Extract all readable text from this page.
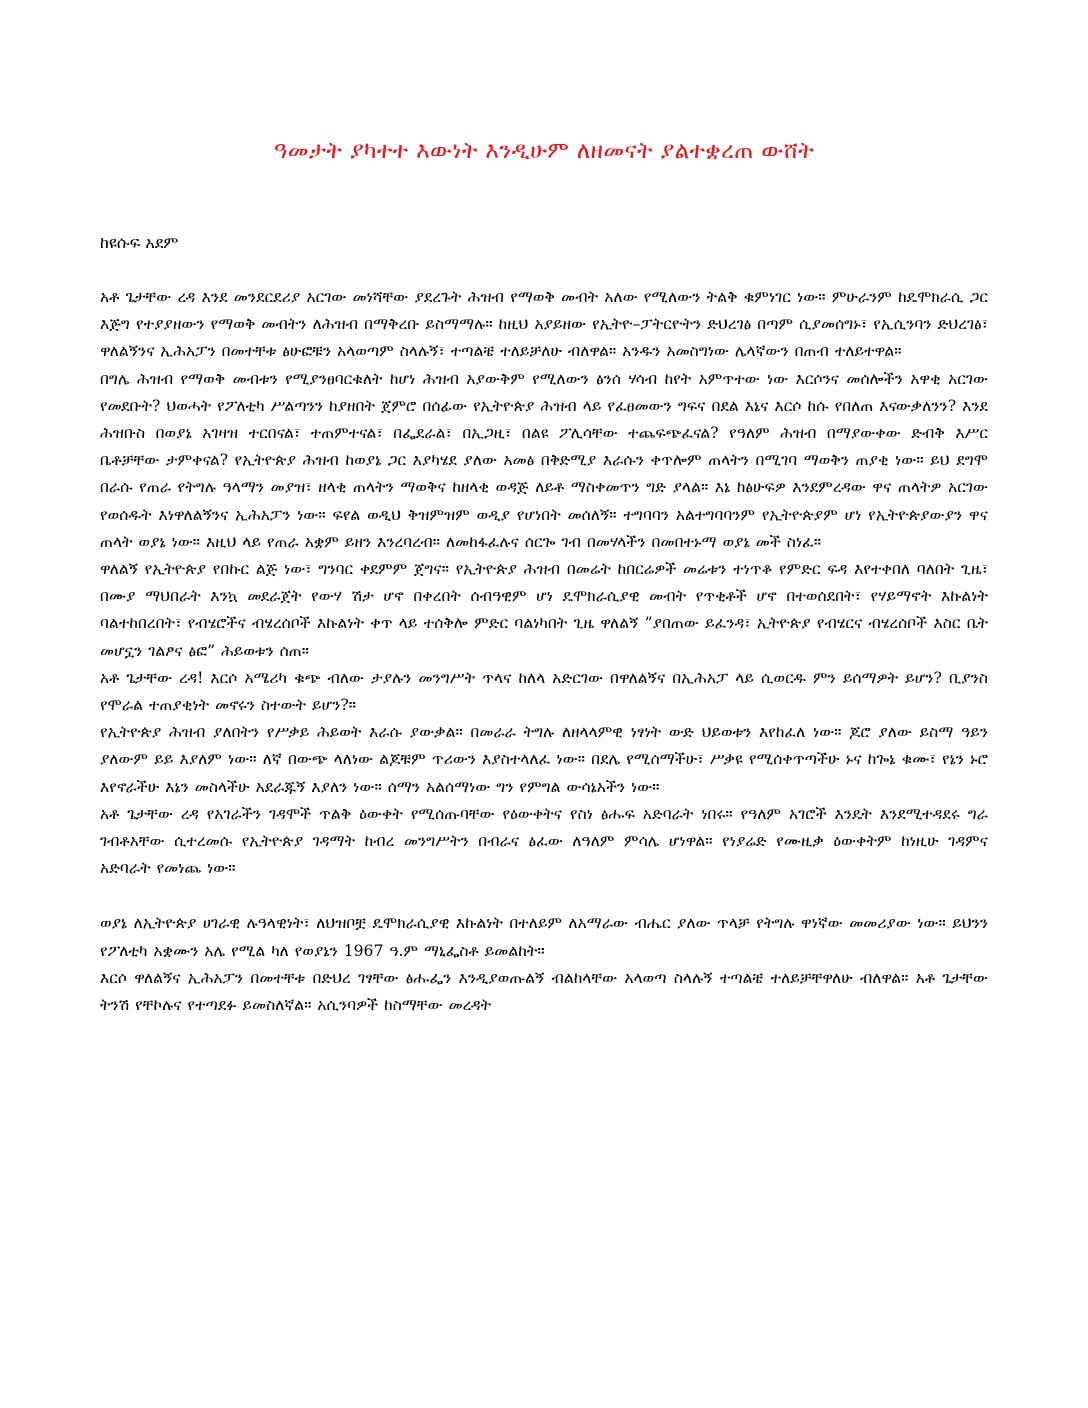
ዓመታት ያካተተ እውነት እንዲሁም ለዘመናት ያልተቋረጠ ውሸት

ከዩሱፍ አደም

አቶ ጌታቸው ረዳ እንደ መንደርደሪያ አርገው መነሻቸው ያደረጉት ሕዝብ የማወቅ መብት አለው የሚለውን ትልቅ ቁምነገር ነው። ምሁራንም ከዴሞክራሲ ጋር እጅግ የተያያዘውን የማወቅ መብትን ለሕዝብ በማቅረቡ ይስማማሉ። ከዚህ አያይዘው የኢትዮ–ፓትርዮትን ድህረገፅ በጣም ሲያመሰግኑ፣ የኢሲንባን ድህረገፅ፣ ዋለልኝንና ኢሕአፓን በመተቸቱ ፅሁፎቹን አላወጣም ስላሉኝ፣ ተጣልቼ ተለይቻለሁ ብለዋል። አንዱን አመስግነው ሌላኛውን በጠብ ተለይተዋል።

በግሌ ሕዝብ የማወቅ መብቱን የሚያንፀባርቁለት ከሆነ ሕዝብ አያውቅም የሚለውን ፅንሰ ሃሳብ ከየት አምጥተው ነው እርሶንና መሰሎችን አዋቂ አርገው የመደቡት? ህወሓት የፖለቲካ ሥልጣንን ከያዘበት ጀምሮ በሰፊው የኢትዮጵያ ሕዝብ ላይ የፈፀመውን ግፍና በደል እኔና እርሶ ከሱ የበለጠ እናውቃለንን? እንደ ሕዝቡስ በወያኔ አገዛዝ ተርበናል፣ ተጠምተናል፣ በፌደራል፣ በኢጋዚ፣ በልዩ ፖሊሳቸው ተጨፍጭፈናል? የዓለም ሕዝብ በማያውቀው ድብቅ እሥር ቤቶቻቸው ታምቀናል? የኢትዮጵያ ሕዝብ ከወያኔ ጋር እያካሄደ ያለው አመፅ በቅድሚያ እራሱን ቀጥሎም ጠላትን በሚገባ ማወቅን ጠያቂ ነው። ይህ ደግሞ በራሱ የጠራ የትግሉ ዓላማን መያዝ፣ ዘላቂ ጠላትን ማወቅና ከዘላቂ ወዳጅ ለይቶ ማስቀመጥን ግድ ያላል። እኔ ከፅሁፍዎ እንደምረዳው ዋና ጠላትዎ አርገው የወሰዱት እነዋለልኝንና ኢሕአፓን ነው። ፍየል ወዲህ ቅዝምዝም ወዲያ የሆነበት መሰለኝ። ተግባባን አልተግባባንም የኢትዮጵያም ሆነ የኢትዮጵያውያን ዋና ጠላት ወያኔ ነው። እዚህ ላይ የጠራ አቋም ይዘን እንረባረብ። ለመከፋፈሉና ሰርጐ ገብ በመሃላችን በመበተኑማ ወያኔ መች ስነፈ።

ዋለልኝ የኢትዮጵያ የበኩር ልጅ ነው፣ ግንባር ቀደምም ጀግና። የኢትዮጵያ ሕዝብ በመሬት ከበርሬዎች መሬቱን ተነጥቆ የምድር ፍዳ እየተቀበለ ባለበት ጊዜ፣ በሙያ ማህበራት እንኳ መደራጀት የውሃ ሽታ ሆኖ በቀረበት ሰብዓዊም ሆነ ዴሞክራሲያዊ መብት የጥቂቶች ሆኖ በተወሰደበት፣ የሃይማኖት እኩልነት ባልተከበረበት፣ የብሄሮችና ብሄረሰቦች እኩልነት ቀጥ ላይ ተሰቅሎ ምድር ባልነካበት ጊዜ ዋለልኝ ”ያበጠው ይፈንዳ፣ ኢትዮጵያ የብሄርና ብሄረሰቦች እስር ቤት መሆኗን ገልፆና ፅፎ” ሕይወቱን ሰጠ።

አቶ ጌታቸው ረዳ! እርሶ አሜሪካ ቁጭ ብለው ታያሉን መንግሥት ጥላና ከለላ አድርገው በዋለልኝና በኢሕአፓ ላይ ሲወርዱ ምን ይሰማዎት ይሆን? ቢያንስ የሞራል ተጠያቂነት መኖሩን ስተውት ይሆን?።

የኢትዮጵያ ሕዝብ ያለበትን የሥቃይ ሕይወት እራሱ ያውቃል። በመራራ ትግሉ ለዘላላምዊ ነፃነት ውድ ህይወቱን እየከፈለ ነው። ጆሮ ያለው ይስማ ዓይን ያለውም ይይ እያለም ነው። ለኛ በውጭ ላለነው ልጆቹም ጥሪውን እያስተላለፈ ነው። በደሌ የሚሰማችሁ፣ ሥቃዩ የሚሰቀጥጣችሁ ኑና ከጐኔ ቁሙ፣ የኔን ኑሮ እየኖራችሁ እኔን መስላችሁ አደራጁኝ እያለን ነው። ሰማን አልሰማነው ግን የምግል ውሳኔአችን ነው።

አቶ ጌታቸው ረዳ የአገራችን ገዳሞች ጥልቅ ዕውቀት የሚሰጡባቸው የዕውቀትና የስነ ፅሑፍ አድባራት ነበሩ። የዓለም አገሮች እንዴት እንደሚተዳደሩ ግራ ገብቶአቸው ሲተረመሱ የኢትዮጵያ ገዳማት ከብረ መንግሥትን በብራና ፅፈው ለዓለም ምሳሌ ሆነዋል። የነያሬድ የሙዚቃ ዕውቀትም ከነዚሁ ገዳምና አድባራት የመነጨ ነው።

ወያኔ ለኢትዮጵያ ሀገራዊ ሉዓላዊነት፣ ለህዝቦቿ ዴሞክራሲያዊ እኩልነት በተለይም ለአማራው ብሔር ያለው ጥላቻ የትግሉ ዋነኛው መመሪያው ነው። ይህንን የፖለቲካ አቋሙን አሌ የሚል ካለ የወያኔን 1967 ዓ.ም ማኒፌስቶ ይመልከት።

እርሶ ዋለልኝና ኢሕአፓን በመተቸቱ በድህረ ገፃቸው ፅሑፌን እንዲያወጡልኝ ብልከላቸው አላወጣ ስላሉኝ ተጣልቼ ተለይቻቸዋለሁ ብለዋል። አቶ ጌታቸው ትንሽ የቸኮሉና የተጣደፉ ይመስለኛል። አሲንባዎች ከስማቸው መረዳት
